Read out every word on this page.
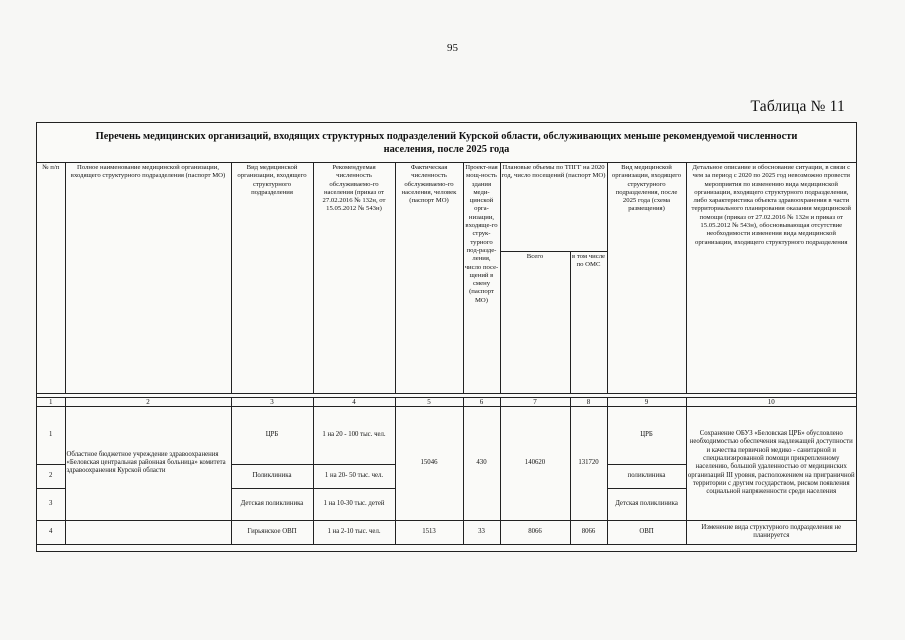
95
Таблица № 11
Перечень медицинских организаций, входящих структурных подразделений Курской области, обслуживающих меньше рекомендуемой численности населения, после 2025 года
№ п/п	Полное наименование медицинской организации, входящего структурного подразделения (паспорт МО)	Вид медицинской организации, входящего структурного подразделения	Рекомендуемая численность обслуживаемо-го населения (приказ от 27.02.2016 № 132н, от 15.05.2012 № 543н)	Фактическая численность обслуживаемо-го населения, человек (паспорт МО)	Проект-ная мощ-ность здания меди-цинской орга-низации, входяще-го струк-турного под-разде-ления, число посе-щений в смену (паспорт МО)	Плановые объемы по ТПГГ на 2020 год, число посещений (паспорт МО)		Вид медицинской организации, входящего структурного подразделения, после 2025 года (схема размещения)	Детальное описание и обоснование ситуации, в связи с чем за период с 2020 по 2025 год невозможно провести мероприятия по изменению вида медицинской организации, входящего структурного подразделения, либо характеристика объекта здравоохранения в части территориального планирования оказания медицинской помощи (приказ от 27.02.2016 № 132н и приказ от 15.05.2012 № 543н), обосновывающая отсутствие необходимости изменения вида медицинской организации, входящего структурного подразделения
						Всего	в том числе по ОМС		

1	2	3	4	5	6	7	8	9	10
1	Областное бюджетное учреждение здравоохранения «Беловская центральная районная больница» комитета здравоохранения Курской области	ЦРБ	1 на 20 - 100 тыс. чел.	15046	430	140620	131720	ЦРБ	Сохранение ОБУЗ «Беловская ЦРБ» обусловлено необходимостью обеспечения надлежащей доступности и качества первичной медико - санитарной и специализированной помощи прикрепленному населению, большой удаленностью от медицинских организаций III уровня, расположением на приграничной территории с другим государством, риском появления социальной напряженности среди населения
2		Поликлиника	1 на 20- 50 тыс. чел.					поликлиника	
3		Детская поликлиника	1 на 10-30 тыс. детей					Детская поликлиника	
4		Гирьянское ОВП	1 на 2-10 тыс. чел.	1513	33	8066	8066	ОВП	Изменение вида структурного подразделения не планируется
